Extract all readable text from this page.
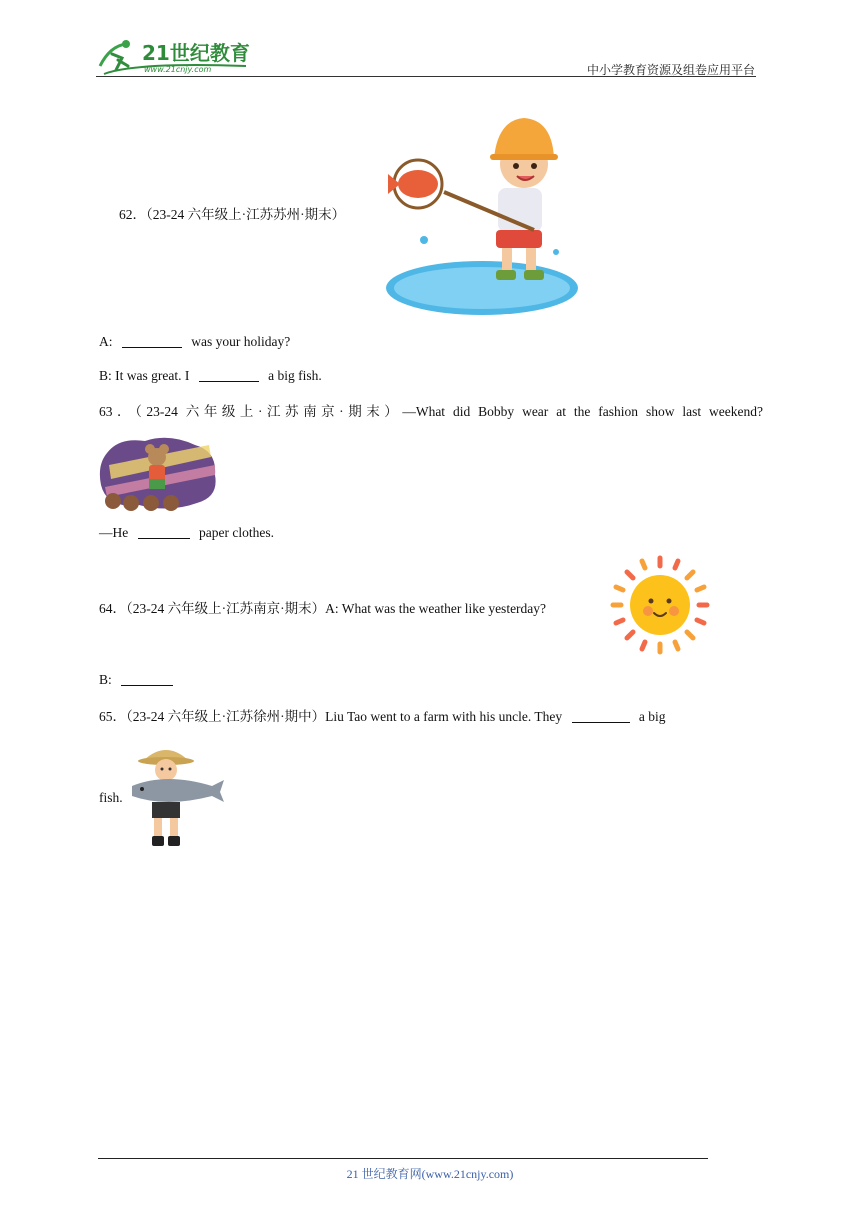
21世纪教育
www.21cnjy.com	中小学教育资源及组卷应用平台
62．（23-24 六年级上·江苏苏州·期末）
A:	was your holiday?
B: It was great. I	a big fish.
63．（23-24 六年级上·江苏南京·期末）—What did Bobby wear at the fashion show last weekend?
—He	paper clothes.
64．（23-24 六年级上·江苏南京·期末）A: What was the weather like yesterday?
B:
65．（23-24 六年级上·江苏徐州·期中）Liu Tao went to a farm with his uncle. They	a big
fish.
21 世纪教育网(www.21cnjy.com)
